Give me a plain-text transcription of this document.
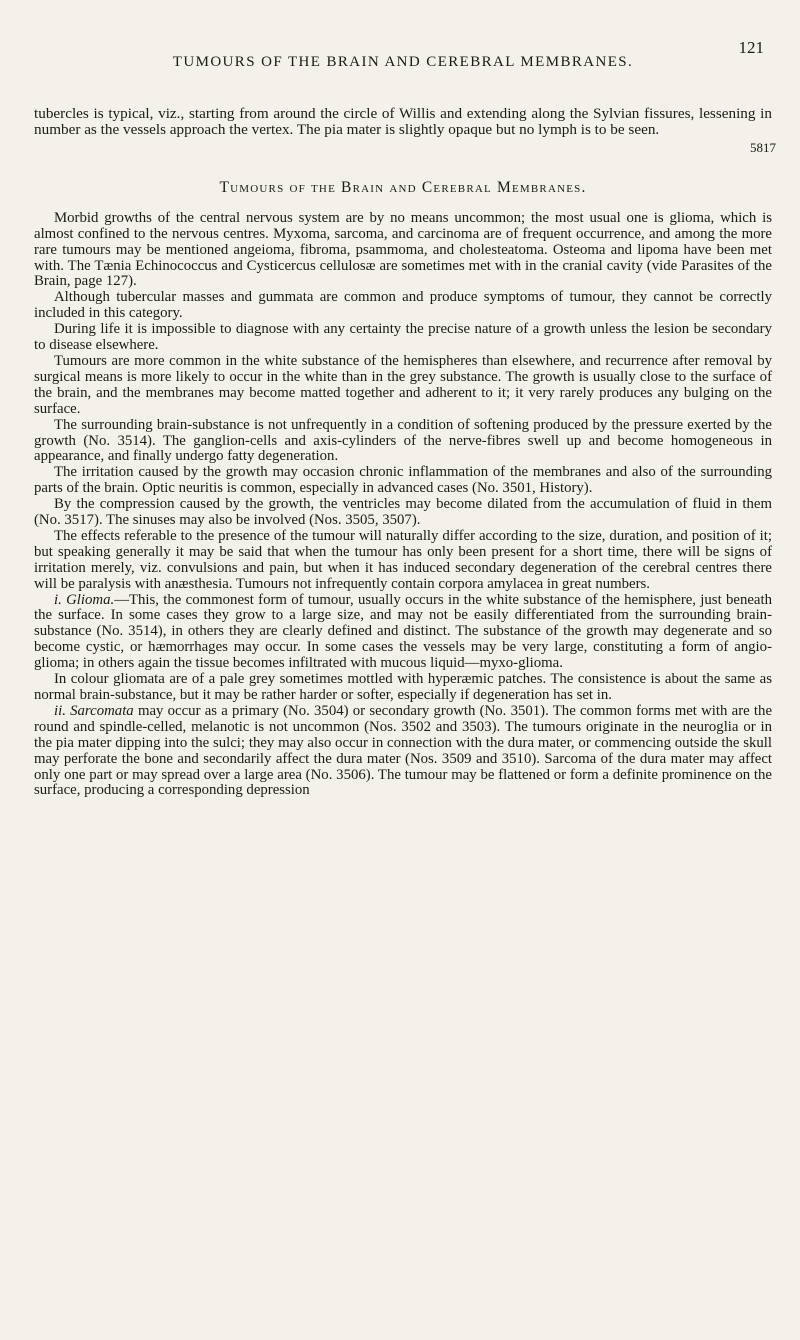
TUMOURS OF THE BRAIN AND CEREBRAL MEMBRANES.
121
tubercles is typical, viz., starting from around the circle of Willis and extending along the Sylvian fissures, lessening in number as the vessels approach the vertex. The pia mater is slightly opaque but no lymph is to be seen.
5817
Tumours of the Brain and Cerebral Membranes.

Morbid growths of the central nervous system are by no means uncommon; the most usual one is glioma, which is almost confined to the nervous centres. Myxoma, sarcoma, and carcinoma are of frequent occurrence, and among the more rare tumours may be mentioned angeioma, fibroma, psammoma, and cholesteatoma. Osteoma and lipoma have been met with. The Tænia Echinococcus and Cysticercus cellulosæ are sometimes met with in the cranial cavity (vide Parasites of the Brain, page 127).

Although tubercular masses and gummata are common and produce symptoms of tumour, they cannot be correctly included in this category.

During life it is impossible to diagnose with any certainty the precise nature of a growth unless the lesion be secondary to disease elsewhere.

Tumours are more common in the white substance of the hemispheres than elsewhere, and recurrence after removal by surgical means is more likely to occur in the white than in the grey substance. The growth is usually close to the surface of the brain, and the membranes may become matted together and adherent to it; it very rarely produces any bulging on the surface.

The surrounding brain-substance is not unfrequently in a condition of softening produced by the pressure exerted by the growth (No. 3514). The ganglion-cells and axis-cylinders of the nerve-fibres swell up and become homogeneous in appearance, and finally undergo fatty degeneration.

The irritation caused by the growth may occasion chronic inflammation of the membranes and also of the surrounding parts of the brain. Optic neuritis is common, especially in advanced cases (No. 3501, History).

By the compression caused by the growth, the ventricles may become dilated from the accumulation of fluid in them (No. 3517). The sinuses may also be involved (Nos. 3505, 3507).

The effects referable to the presence of the tumour will naturally differ according to the size, duration, and position of it; but speaking generally it may be said that when the tumour has only been present for a short time, there will be signs of irritation merely, viz. convulsions and pain, but when it has induced secondary degeneration of the cerebral centres there will be paralysis with anæsthesia. Tumours not infrequently contain corpora amylacea in great numbers.

i. Glioma.—This, the commonest form of tumour, usually occurs in the white substance of the hemisphere, just beneath the surface. In some cases they grow to a large size, and may not be easily differentiated from the surrounding brain-substance (No. 3514), in others they are clearly defined and distinct. The substance of the growth may degenerate and so become cystic, or hæmorrhages may occur. In some cases the vessels may be very large, constituting a form of angio-glioma; in others again the tissue becomes infiltrated with mucous liquid—myxo-glioma.

In colour gliomata are of a pale grey sometimes mottled with hyperæmic patches. The consistence is about the same as normal brain-substance, but it may be rather harder or softer, especially if degeneration has set in.

ii. Sarcomata may occur as a primary (No. 3504) or secondary growth (No. 3501). The common forms met with are the round and spindle-celled, melanotic is not uncommon (Nos. 3502 and 3503). The tumours originate in the neuroglia or in the pia mater dipping into the sulci; they may also occur in connection with the dura mater, or commencing outside the skull may perforate the bone and secondarily affect the dura mater (Nos. 3509 and 3510). Sarcoma of the dura mater may affect only one part or may spread over a large area (No. 3506). The tumour may be flattened or form a definite prominence on the surface, producing a corresponding depression
